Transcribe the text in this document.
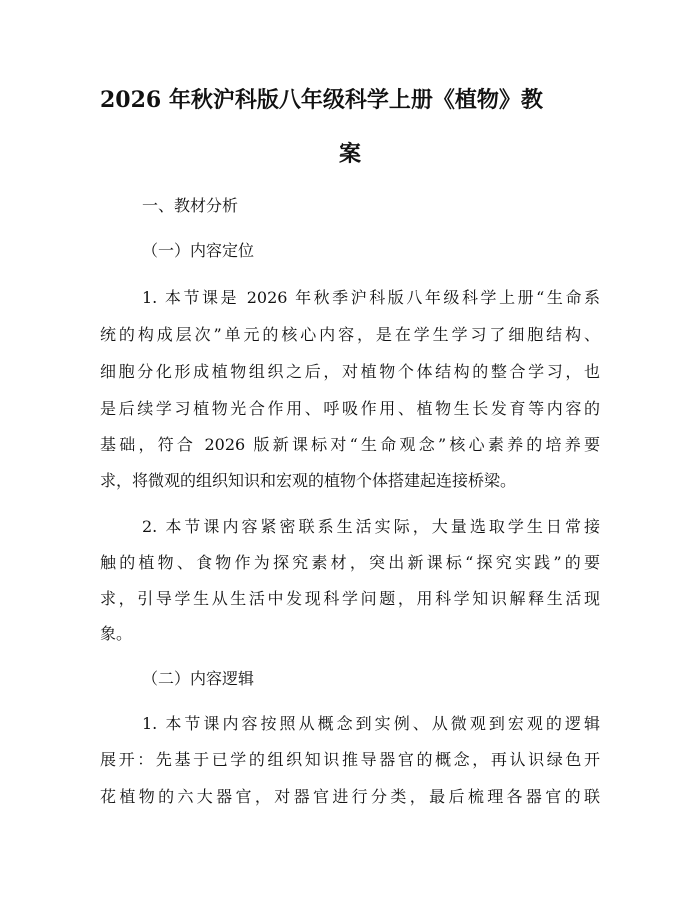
2026 年秋沪科版八年级科学上册《植物》教
案
一、教材分析
（一）内容定位
1. 本节课是 2026 年秋季沪科版八年级科学上册“生命系
统的构成层次”单元的核心内容，是在学生学习了细胞结构、
细胞分化形成植物组织之后，对植物个体结构的整合学习，也
是后续学习植物光合作用、呼吸作用、植物生长发育等内容的
基础，符合 2026 版新课标对“生命观念”核心素养的培养要
求，将微观的组织知识和宏观的植物个体搭建起连接桥梁。
2. 本节课内容紧密联系生活实际，大量选取学生日常接
触的植物、食物作为探究素材，突出新课标“探究实践”的要
求，引导学生从生活中发现科学问题，用科学知识解释生活现
象。
（二）内容逻辑
1. 本节课内容按照从概念到实例、从微观到宏观的逻辑
展开：先基于已学的组织知识推导器官的概念，再认识绿色开
花植物的六大器官，对器官进行分类，最后梳理各器官的联
